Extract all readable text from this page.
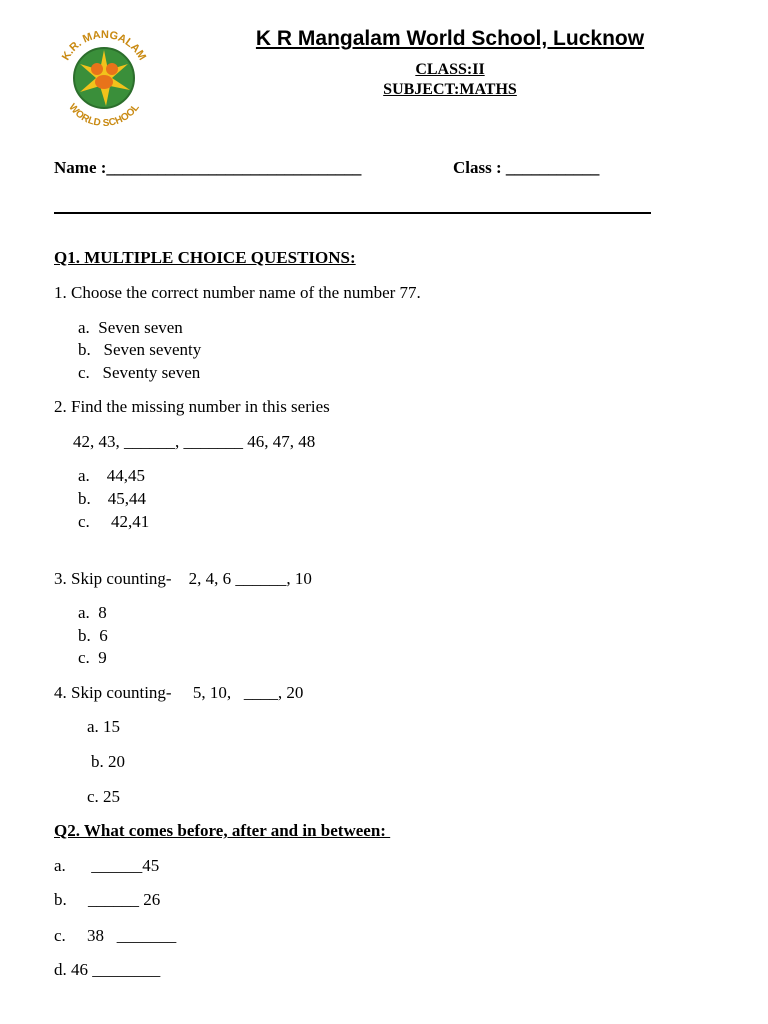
K.R. MANGALAM
WORLD SCHOOL
K R Mangalam World School, Lucknow
CLASS:II
SUBJECT:MATHS
Name :______________________________	Class : ___________
Q1. MULTIPLE CHOICE QUESTIONS:
1. Choose the correct number name of the number 77.
a.  Seven seven
b.   Seven seventy
c.   Seventy seven
2. Find the missing number in this series
42, 43, ______, _______ 46, 47, 48
a.    44,45
b.    45,44
c.     42,41
3. Skip counting-    2, 4, 6 ______, 10
a.  8
b.  6
c.  9
4. Skip counting-     5, 10,   ____, 20
a. 15
b. 20
c. 25
Q2. What comes before, after and in between:
a.      ______45
b.     ______ 26
c.     38   _______
d. 46 ________
